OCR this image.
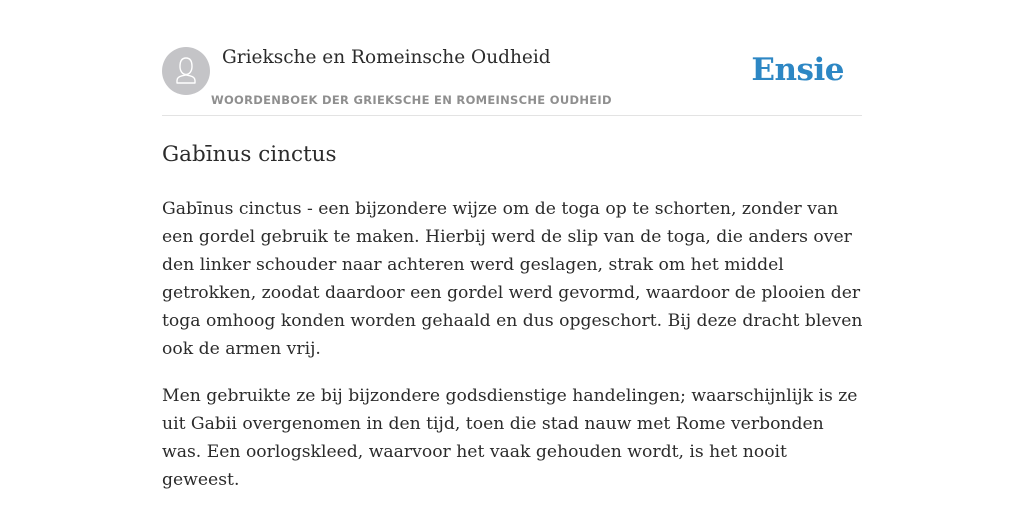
Grieksche en Romeinsche Oudheid
WOORDENBOEK DER GRIEKSCHE EN ROMEINSCHE OUDHEID
Ensie
Gabīnus cinctus

Gabīnus cinctus - een bijzondere wijze om de toga op te schorten, zonder van een gordel gebruik te maken. Hierbij werd de slip van de toga, die anders over den linker schouder naar achteren werd geslagen, strak om het middel getrokken, zoodat daardoor een gordel werd gevormd, waardoor de plooien der toga omhoog konden worden gehaald en dus opgeschort. Bij deze dracht bleven ook de armen vrij.

Men gebruikte ze bij bijzondere godsdienstige handelingen; waarschijnlijk is ze uit Gabii overgenomen in den tijd, toen die stad nauw met Rome verbonden was. Een oorlogskleed, waarvoor het vaak gehouden wordt, is het nooit geweest.
